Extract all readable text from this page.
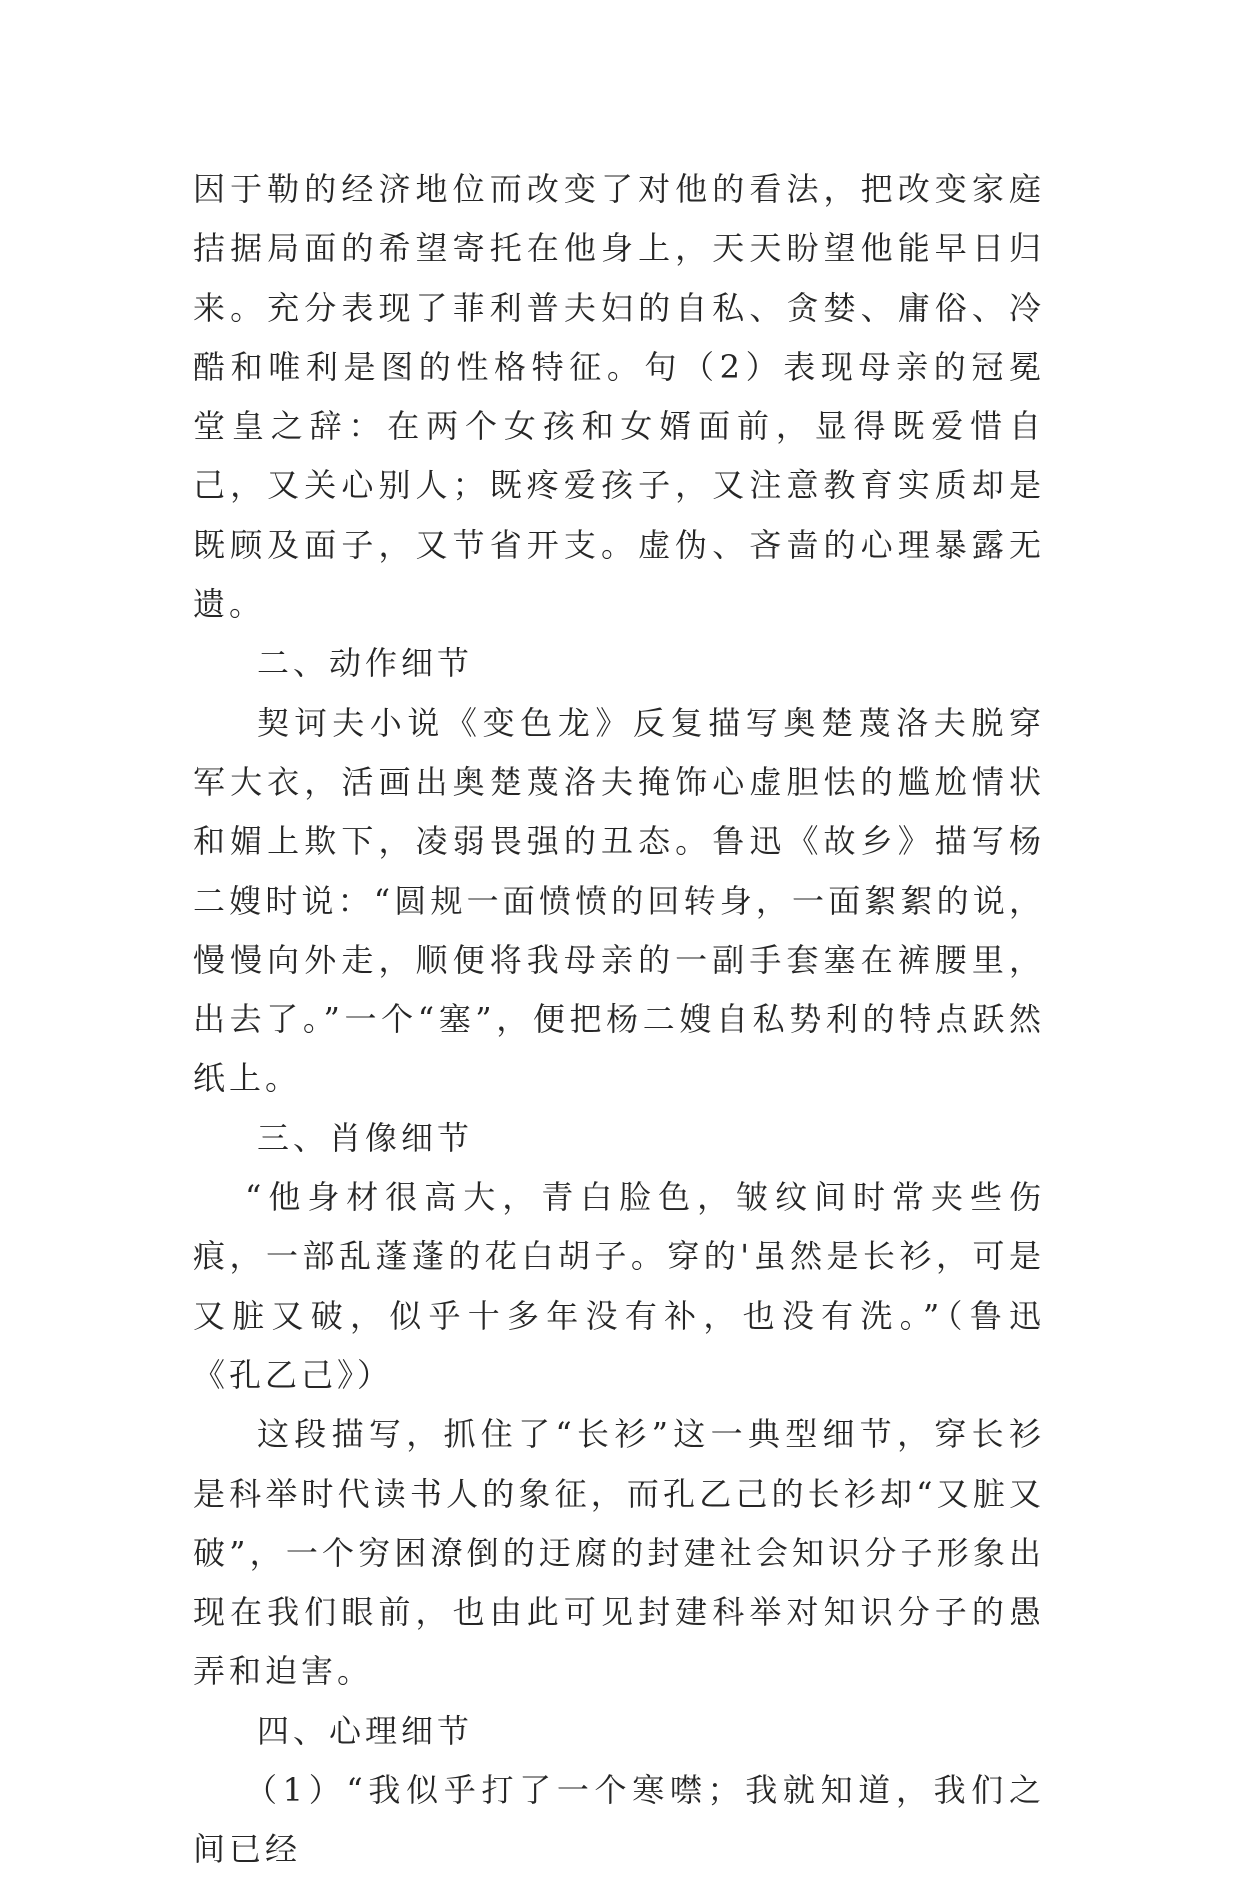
因于勒的经济地位而改变了对他的看法，把改变家庭拮据局面的希望寄托在他身上，天天盼望他能早日归来。充分表现了菲利普夫妇的自私、贪婪、庸俗、冷酷和唯利是图的性格特征。句（2）表现母亲的冠冕堂皇之辞：在两个女孩和女婿面前，显得既爱惜自己，又关心别人；既疼爱孩子，又注意教育实质却是既顾及面子，又节省开支。虚伪、吝啬的心理暴露无遗。

二、动作细节

契诃夫小说《变色龙》反复描写奥楚蔑洛夫脱穿军大衣，活画出奥楚蔑洛夫掩饰心虚胆怯的尴尬情状和媚上欺下，凌弱畏强的丑态。鲁迅《故乡》描写杨二嫂时说：“圆规一面愤愤的回转身，一面絮絮的说，慢慢向外走，顺便将我母亲的一副手套塞在裤腰里，出去了。”一个“塞”，便把杨二嫂自私势利的特点跃然纸上。

三、肖像细节

“他身材很高大，青白脸色，皱纹间时常夹些伤痕，一部乱蓬蓬的花白胡子。穿的'虽然是长衫，可是又脏又破，似乎十多年没有补，也没有洗。”（鲁迅《孔乙己》）

这段描写，抓住了“长衫”这一典型细节，穿长衫是科举时代读书人的象征，而孔乙己的长衫却“又脏又破”，一个穷困潦倒的迂腐的封建社会知识分子形象出现在我们眼前，也由此可见封建科举对知识分子的愚弄和迫害。

四、心理细节

（1）“我似乎打了一个寒噤；我就知道，我们之间已经
